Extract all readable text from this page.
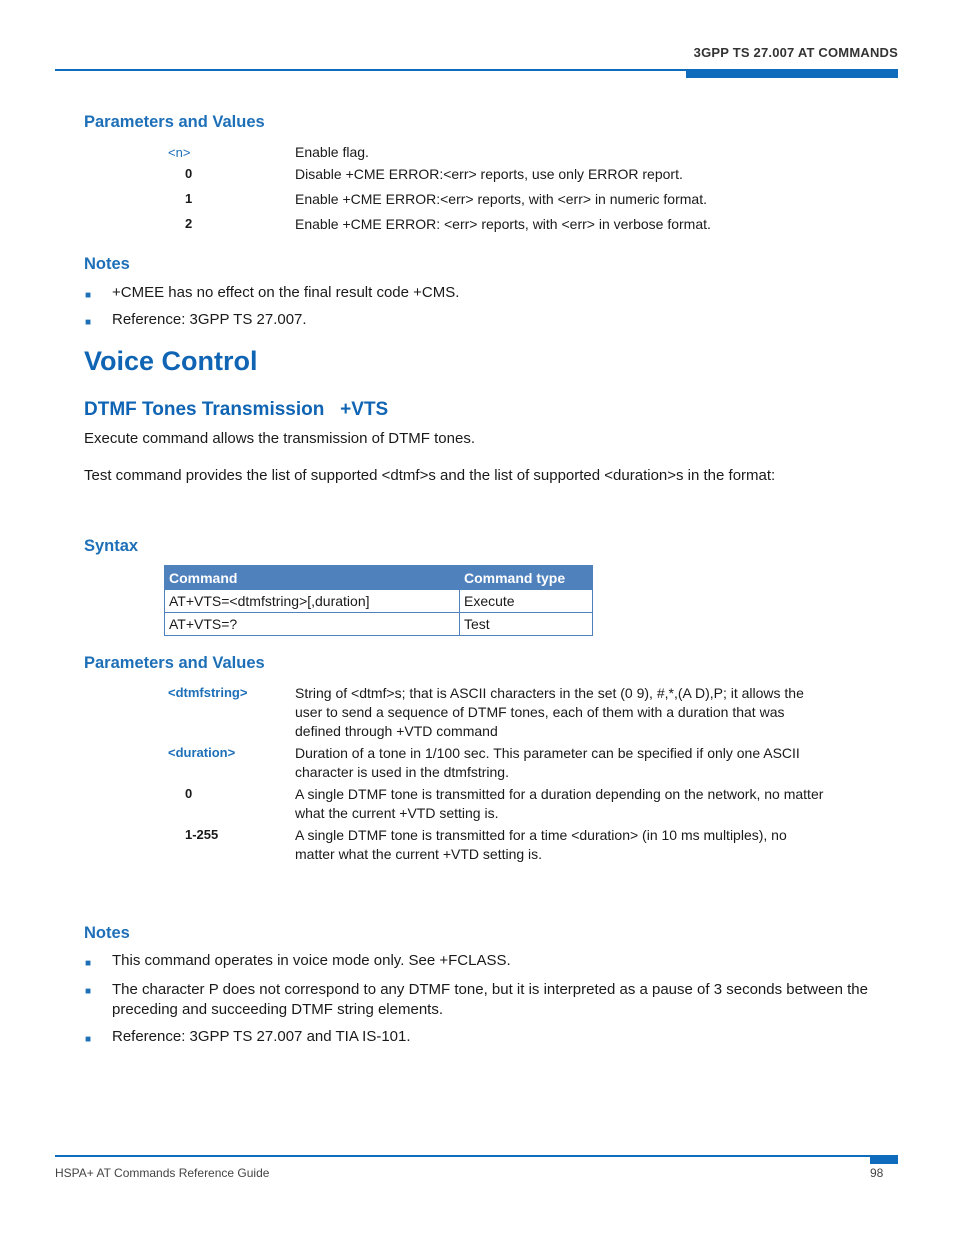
3GPP TS 27.007 AT COMMANDS
Parameters and Values
<n>	Enable flag.
0	Disable +CME ERROR:<err> reports, use only ERROR report.
1	Enable +CME ERROR:<err> reports, with <err> in numeric format.
2	Enable +CME ERROR: <err> reports, with <err> in verbose format.
Notes
■ +CMEE has no effect on the final result code +CMS.
■ Reference: 3GPP TS 27.007.
Voice Control
DTMF Tones Transmission   +VTS
Execute command allows the transmission of DTMF tones.
Test command provides the list of supported <dtmf>s and the list of supported <duration>s in the format:
Syntax
Command	Command type
AT+VTS=<dtmfstring>[,duration]	Execute
AT+VTS=?	Test
Parameters and Values
<dtmfstring>	String of <dtmf>s; that is ASCII characters in the set (0 9), #,*,(A D),P; it allows the user to send a sequence of DTMF tones, each of them with a duration that was defined through +VTD command
<duration>	Duration of a tone in 1/100 sec. This parameter can be specified if only one ASCII character is used in the dtmfstring.
0	A single DTMF tone is transmitted for a duration depending on the network, no matter what the current +VTD setting is.
1-255	A single DTMF tone is transmitted for a time <duration> (in 10 ms multiples), no matter what the current +VTD setting is.
Notes
■ This command operates in voice mode only. See +FCLASS.
■ The character P does not correspond to any DTMF tone, but it is interpreted as a pause of 3 seconds between the preceding and succeeding DTMF string elements.
■ Reference: 3GPP TS 27.007 and TIA IS-101.
HSPA+ AT Commands Reference Guide	98
